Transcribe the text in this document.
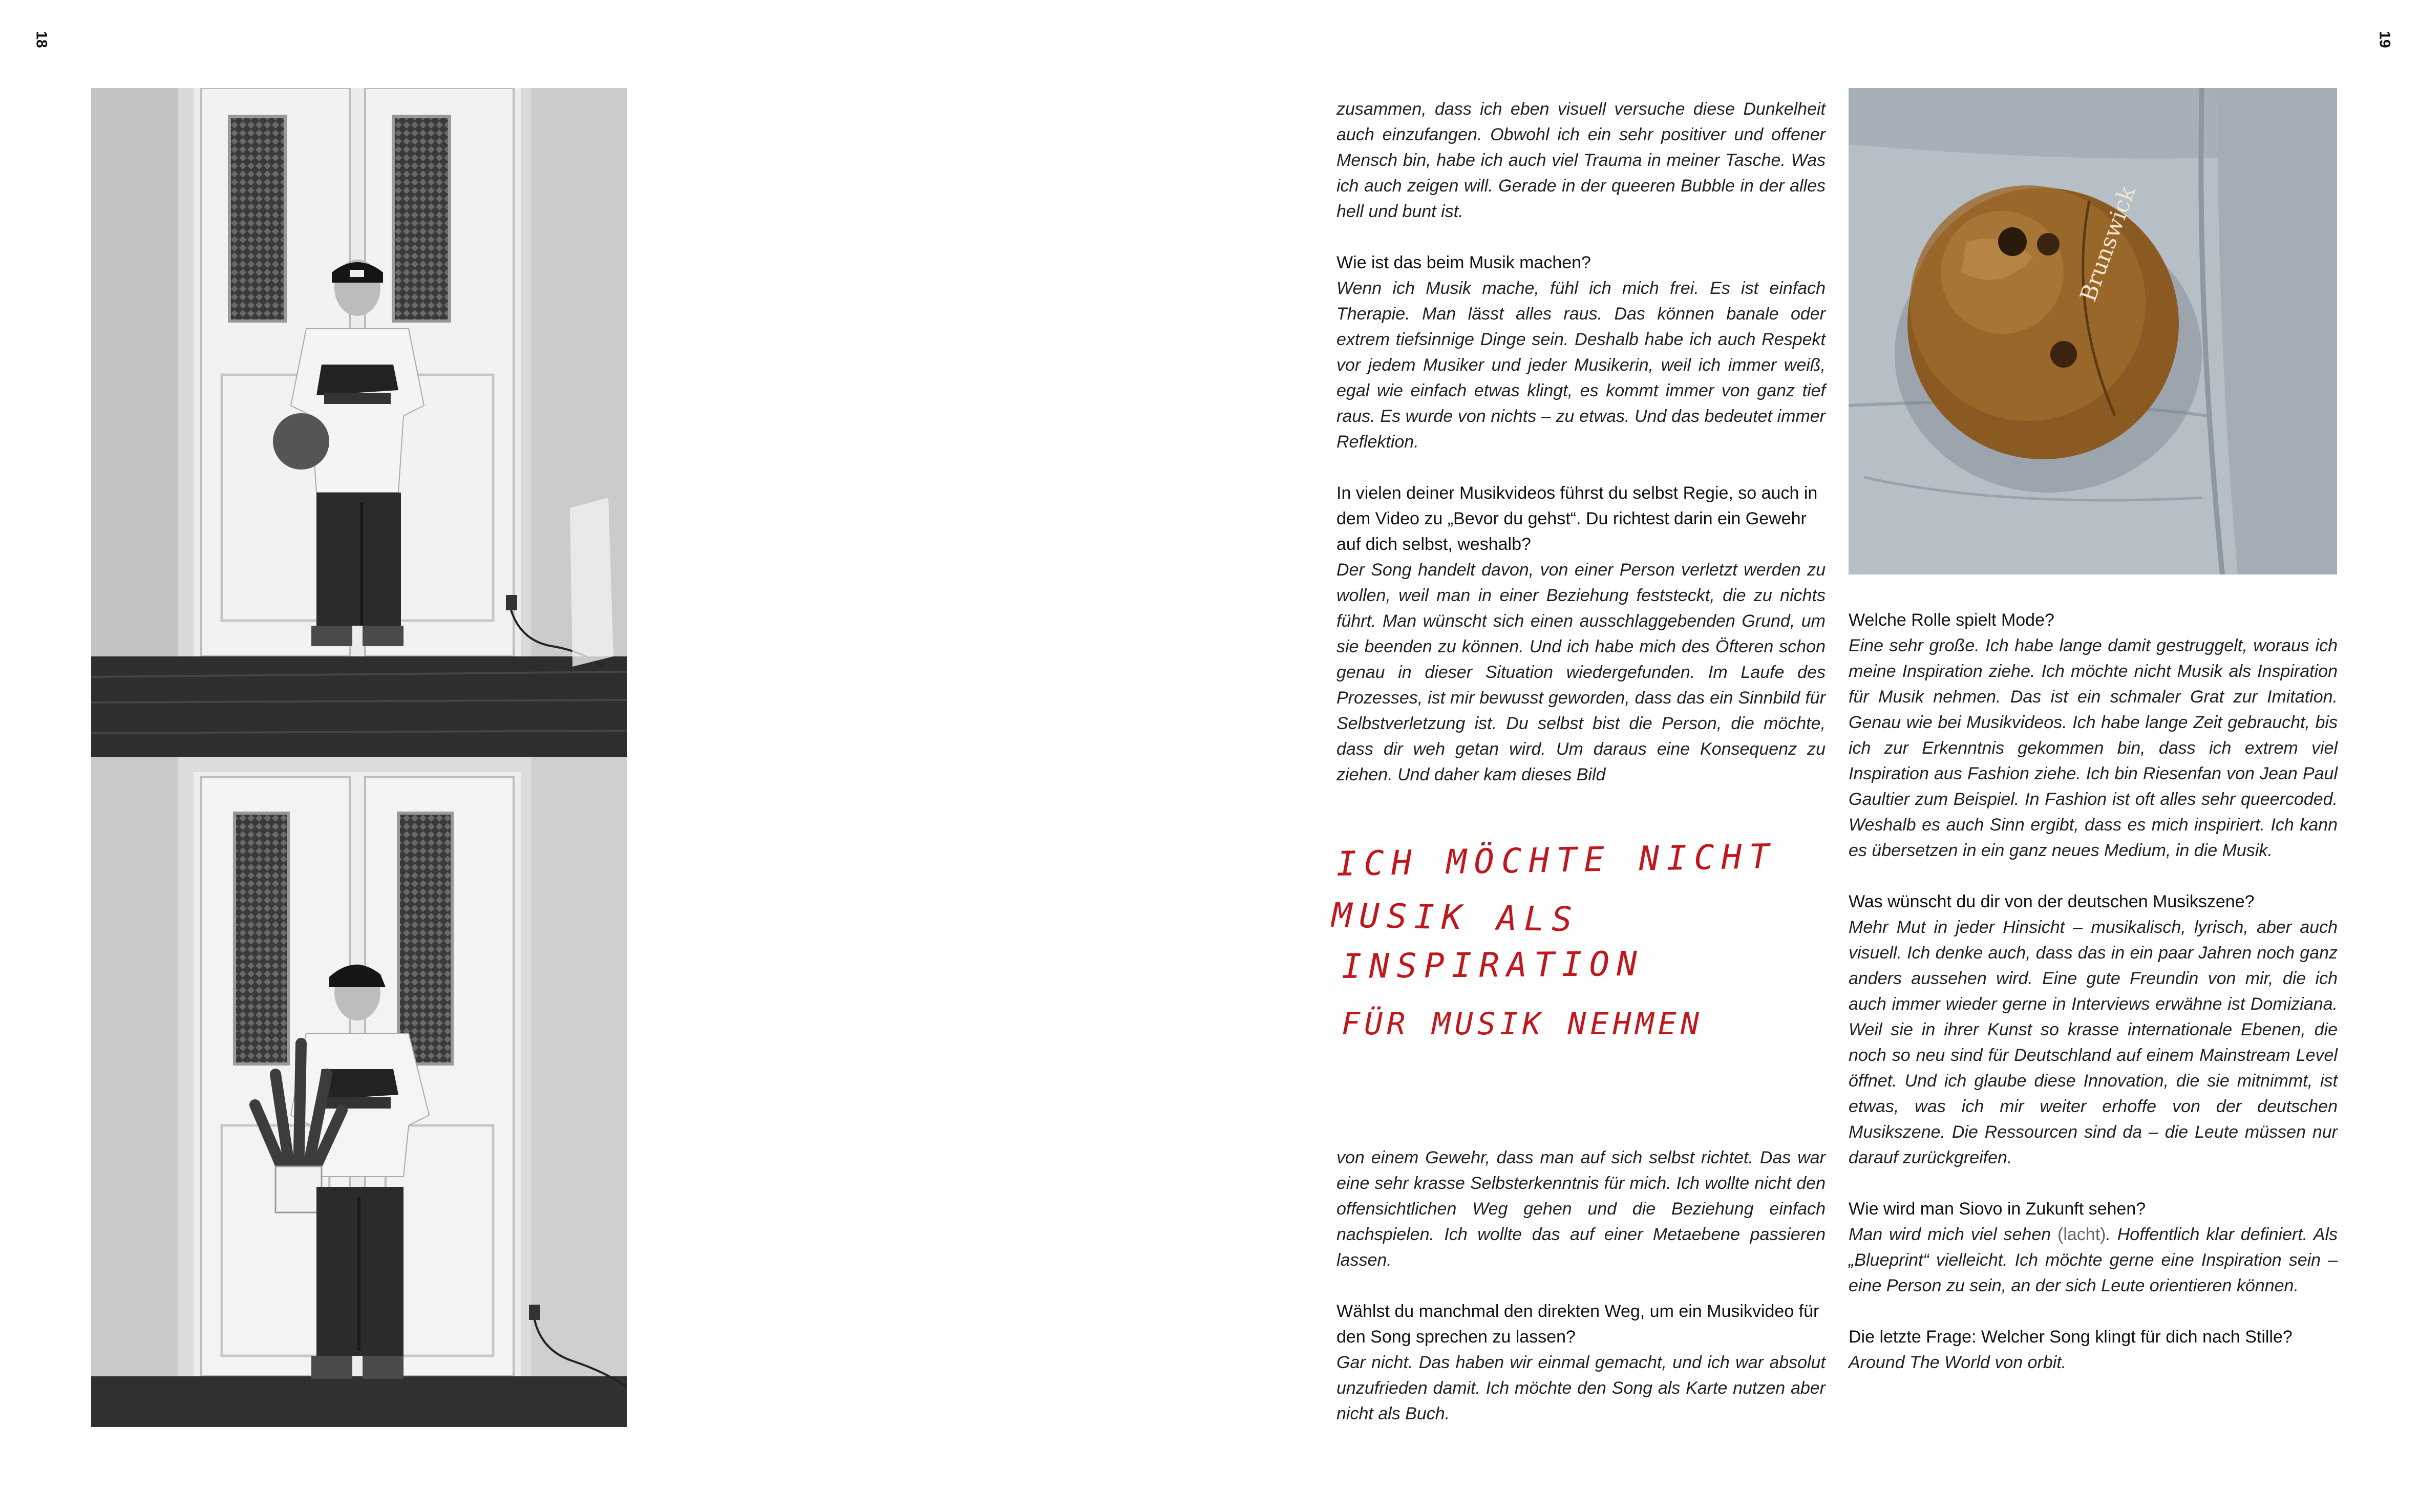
18	19
zusammen, dass ich eben visuell versuche diese Dunkelheit auch einzufangen. Obwohl ich ein sehr positiver und offener Mensch bin, habe ich auch viel Trauma in meiner Tasche. Was ich auch zeigen will. Gerade in der queeren Bubble in der alles hell und bunt ist.
Wie ist das beim Musik machen?
Wenn ich Musik mache, fühl ich mich frei. Es ist einfach Therapie. Man lässt alles raus. Das können banale oder extrem tiefsinnige Dinge sein. Deshalb habe ich auch Respekt vor jedem Musiker und jeder Musikerin, weil ich immer weiß, egal wie einfach etwas klingt, es kommt immer von ganz tief raus. Es wurde von nichts – zu etwas. Und das bedeutet immer Reflektion.
In vielen deiner Musikvideos führst du selbst Regie, so auch in dem Video zu „Bevor du gehst“. Du richtest darin ein Gewehr auf dich selbst, weshalb?
Der Song handelt davon, von einer Person verletzt werden zu wollen, weil man in einer Beziehung feststeckt, die zu nichts führt. Man wünscht sich einen ausschlaggebenden Grund, um sie beenden zu können. Und ich habe mich des Öfteren schon genau in dieser Situation wiedergefunden. Im Laufe des Prozesses, ist mir bewusst geworden, dass das ein Sinnbild für Selbstverletzung ist. Du selbst bist die Person, die möchte, dass dir weh getan wird. Um daraus eine Konsequenz zu ziehen. Und daher kam dieses Bild
ICH MÖCHTE NICHT
MUSIK ALS
INSPIRATION
FÜR MUSIK NEHMEN
von einem Gewehr, dass man auf sich selbst richtet. Das war eine sehr krasse Selbsterkenntnis für mich. Ich wollte nicht den offensichtlichen Weg gehen und die Beziehung einfach nachspielen. Ich wollte das auf einer Metaebene passieren lassen.
Wählst du manchmal den direkten Weg, um ein Musikvideo für den Song sprechen zu lassen?
Gar nicht. Das haben wir einmal gemacht, und ich war absolut unzufrieden damit. Ich möchte den Song als Karte nutzen aber nicht als Buch.
Brunswick
Welche Rolle spielt Mode?
Eine sehr große. Ich habe lange damit gestruggelt, woraus ich meine Inspiration ziehe. Ich möchte nicht Musik als Inspiration für Musik nehmen. Das ist ein schmaler Grat zur Imitation. Genau wie bei Musikvideos. Ich habe lange Zeit gebraucht, bis ich zur Erkenntnis gekommen bin, dass ich extrem viel Inspiration aus Fashion ziehe. Ich bin Riesenfan von Jean Paul Gaultier zum Beispiel. In Fashion ist oft alles sehr queercoded. Weshalb es auch Sinn ergibt, dass es mich inspiriert. Ich kann es übersetzen in ein ganz neues Medium, in die Musik.
Was wünscht du dir von der deutschen Musikszene?
Mehr Mut in jeder Hinsicht – musikalisch, lyrisch, aber auch visuell. Ich denke auch, dass das in ein paar Jahren noch ganz anders aussehen wird. Eine gute Freundin von mir, die ich auch immer wieder gerne in Interviews erwähne ist Domiziana. Weil sie in ihrer Kunst so krasse internationale Ebenen, die noch so neu sind für Deutschland auf einem Mainstream Level öffnet. Und ich glaube diese Innovation, die sie mitnimmt, ist etwas, was ich mir weiter erhoffe von der deutschen Musikszene. Die Ressourcen sind da – die Leute müssen nur darauf zurückgreifen.
Wie wird man Siovo in Zukunft sehen?
Man wird mich viel sehen (lacht). Hoffentlich klar definiert. Als „Blueprint“ vielleicht. Ich möchte gerne eine Inspiration sein – eine Person zu sein, an der sich Leute orientieren können.
Die letzte Frage: Welcher Song klingt für dich nach Stille?
Around The World von orbit.
